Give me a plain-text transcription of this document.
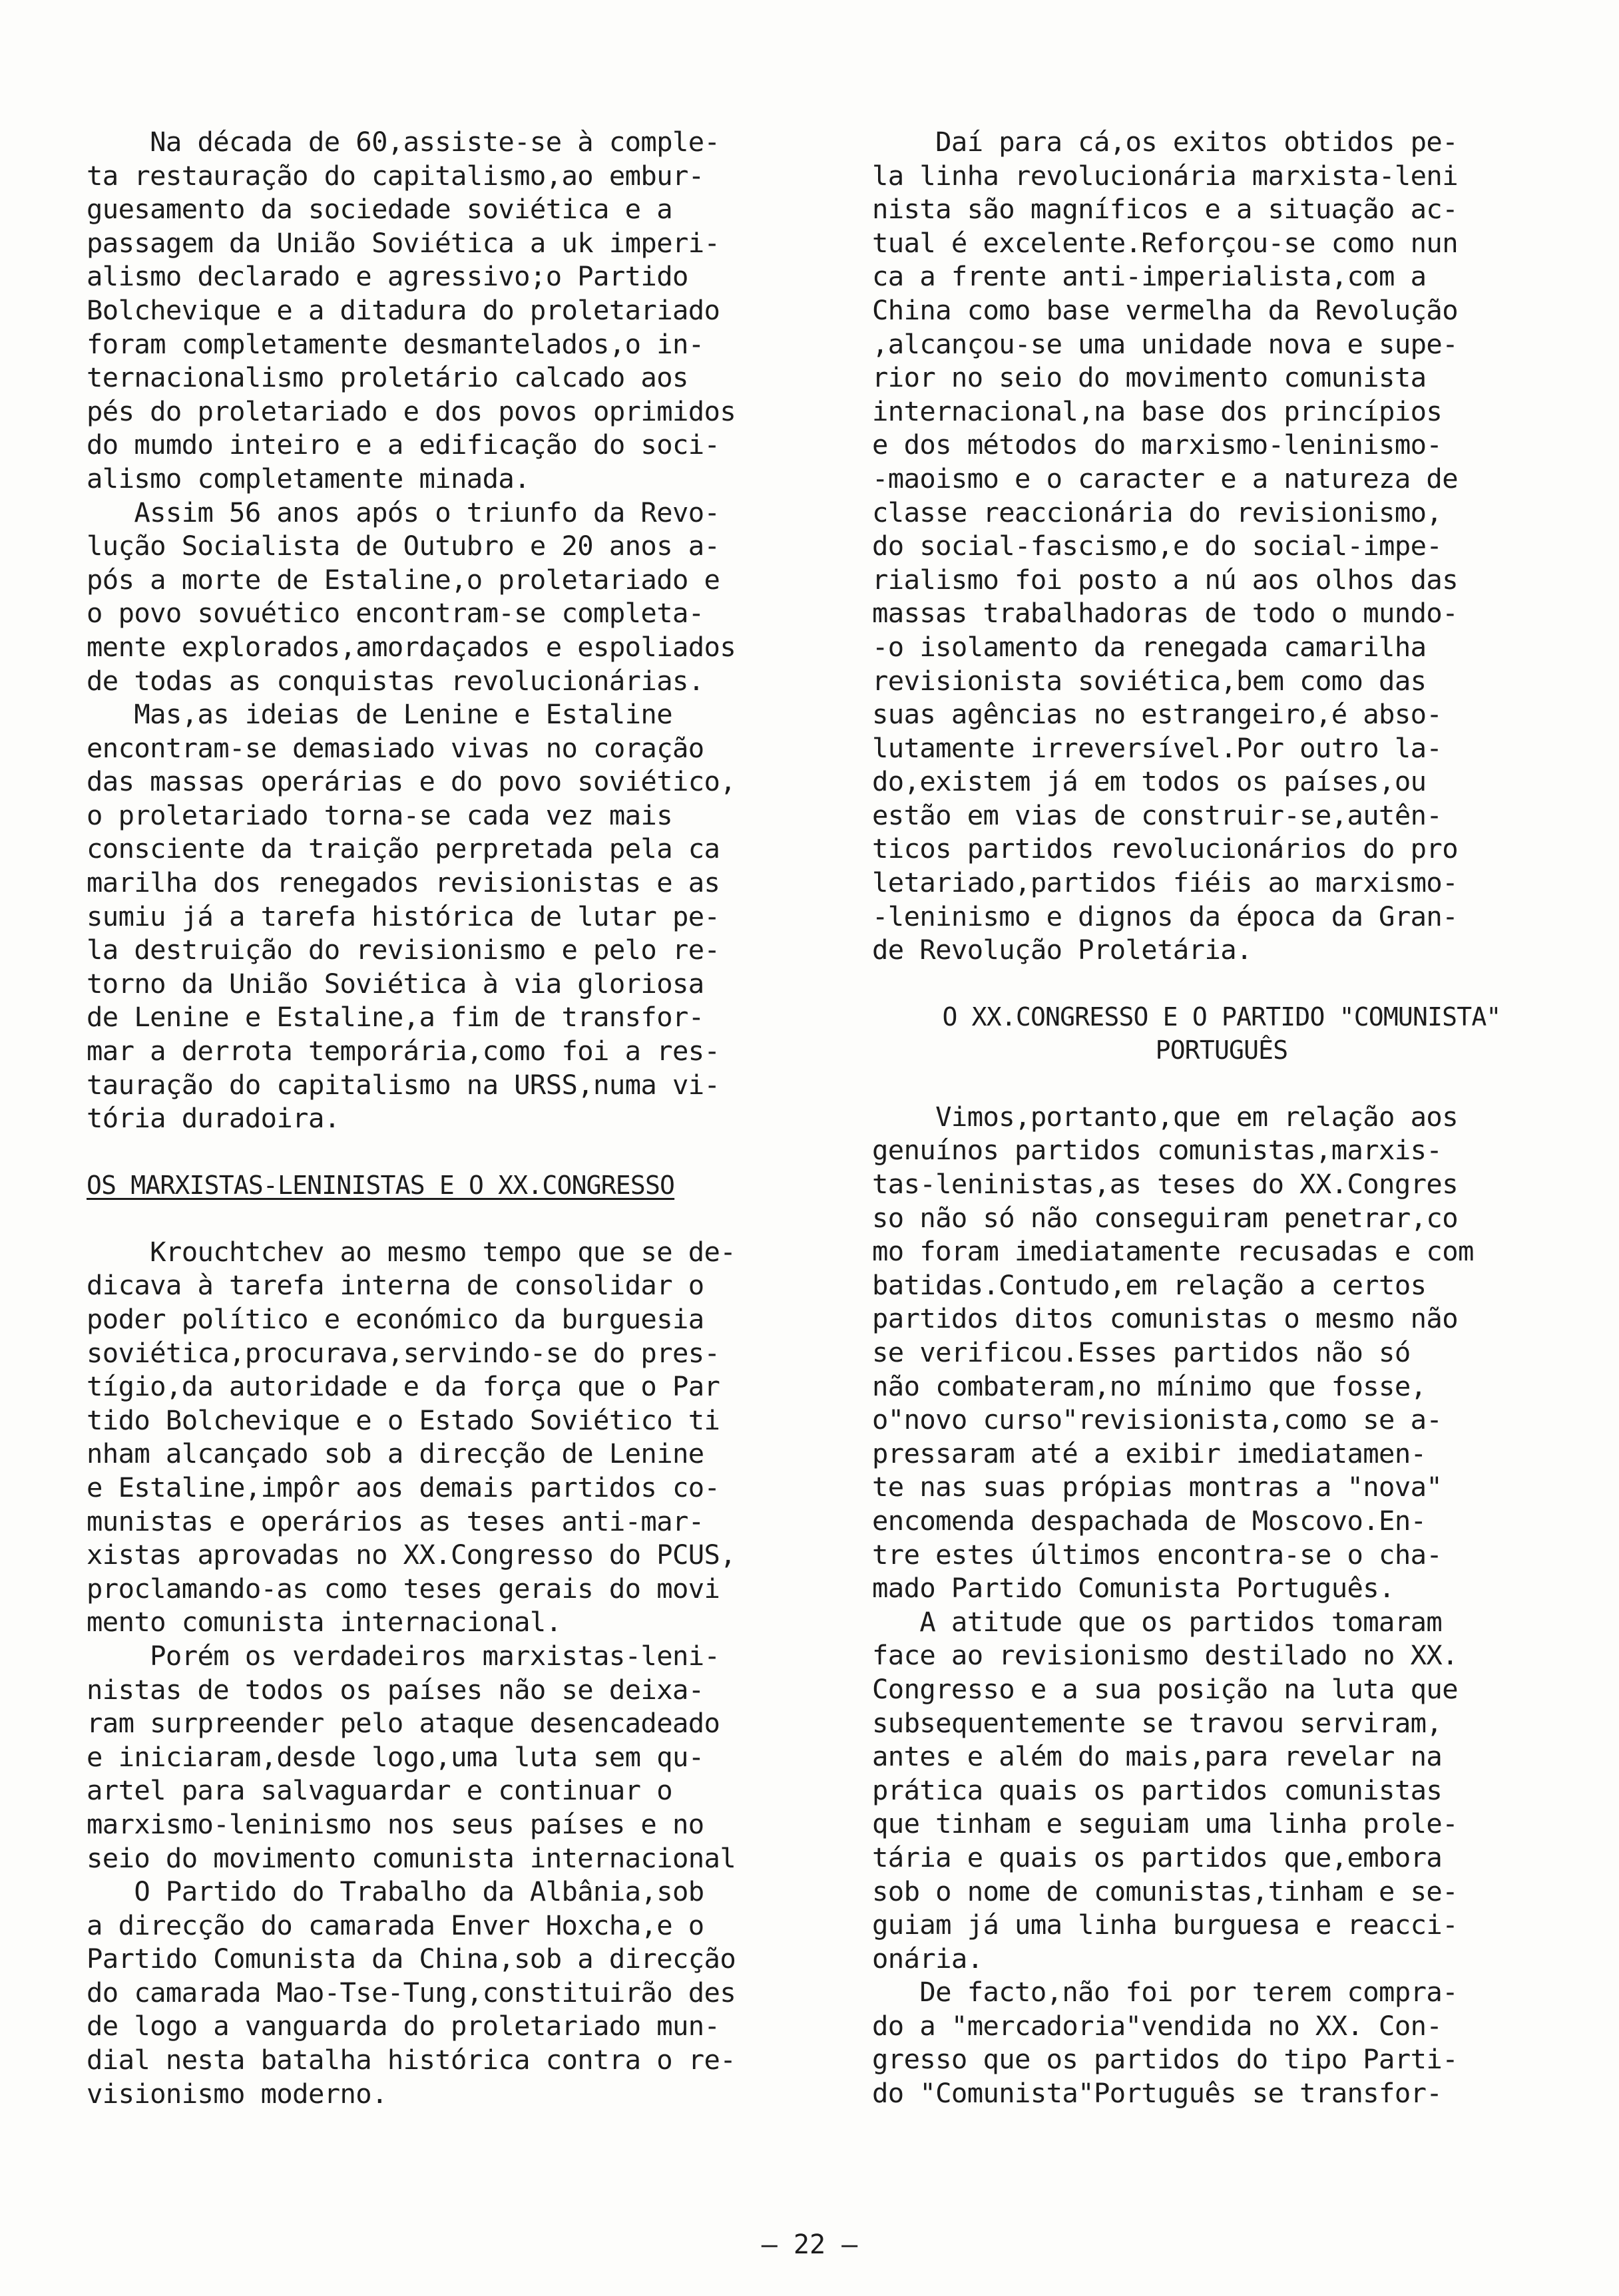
Na década de 60,assiste-se à comple-
ta restauração do capitalismo,ao embur-
guesamento da sociedade soviética e a
passagem da União Soviética a uk imperi-
alismo declarado e agressivo;o Partido
Bolchevique e a ditadura do proletariado
foram completamente desmantelados,o in-
ternacionalismo proletário calcado aos
pés do proletariado e dos povos oprimidos
do mumdo inteiro e a edificação do soci-
alismo completamente minada.
Assim 56 anos após o triunfo da Revo-
lução Socialista de Outubro e 20 anos a-
pós a morte de Estaline,o proletariado e
o povo sovuético encontram-se completa-
mente explorados,amordaçados e espoliados
de todas as conquistas revolucionárias.
Mas,as ideias de Lenine e Estaline
encontram-se demasiado vivas no coração
das massas operárias e do povo soviético,
o proletariado torna-se cada vez mais
consciente da traição perpretada pela ca
marilha dos renegados revisionistas e as
sumiu já a tarefa histórica de lutar pe-
la destruição do revisionismo e pelo re-
torno da União Soviética à via gloriosa
de Lenine e Estaline,a fim de transfor-
mar a derrota temporária,como foi a res-
tauração do capitalismo na URSS,numa vi-
tória duradoira.
OS MARXISTAS-LENINISTAS E O XX.CONGRESSO
Krouchtchev ao mesmo tempo que se de-
dicava à tarefa interna de consolidar o
poder político e económico da burguesia
soviética,procurava,servindo-se do pres-
tígio,da autoridade e da força que o Par
tido Bolchevique e o Estado Soviético ti
nham alcançado sob a direcção de Lenine
e Estaline,impôr aos demais partidos co-
munistas e operários as teses anti-mar-
xistas aprovadas no XX.Congresso do PCUS,
proclamando-as como teses gerais do movi
mento comunista internacional.
Porém os verdadeiros marxistas-leni-
nistas de todos os países não se deixa-
ram surpreender pelo ataque desencadeado
e iniciaram,desde logo,uma luta sem qu-
artel para salvaguardar e continuar o
marxismo-leninismo nos seus países e no
seio do movimento comunista internacional
O Partido do Trabalho da Albânia,sob
a direcção do camarada Enver Hoxcha,e o
Partido Comunista da China,sob a direcção
do camarada Mao-Tse-Tung,constituirão des
de logo a vanguarda do proletariado mun-
dial nesta batalha histórica contra o re-
visionismo moderno.
Daí para cá,os exitos obtidos pe-
la linha revolucionária marxista-leni
nista são magníficos e a situação ac-
tual é excelente.Reforçou-se como nun
ca a frente anti-imperialista,com a
China como base vermelha da Revolução
,alcançou-se uma unidade nova e supe-
rior no seio do movimento comunista
internacional,na base dos princípios
e dos métodos do marxismo-leninismo-
-maoismo e o caracter e a natureza de
classe reaccionária do revisionismo,
do social-fascismo,e do social-impe-
rialismo foi posto a nú aos olhos das
massas trabalhadoras de todo o mundo-
-o isolamento da renegada camarilha
revisionista soviética,bem como das
suas agências no estrangeiro,é abso-
lutamente irreversível.Por outro la-
do,existem já em todos os países,ou
estão em vias de construir-se,autên-
ticos partidos revolucionários do pro
letariado,partidos fiéis ao marxismo-
-leninismo e dignos da época da Gran-
de Revolução Proletária.
O XX.CONGRESSO E O PARTIDO "COMUNISTA"
PORTUGUÊS
Vimos,portanto,que em relação aos
genuínos partidos comunistas,marxis-
tas-leninistas,as teses do XX.Congres
so não só não conseguiram penetrar,co
mo foram imediatamente recusadas e com
batidas.Contudo,em relação a certos
partidos ditos comunistas o mesmo não
se verificou.Esses partidos não só
não combateram,no mínimo que fosse,
o"novo curso"revisionista,como se a-
pressaram até a exibir imediatamen-
te nas suas própias montras a "nova"
encomenda despachada de Moscovo.En-
tre estes últimos encontra-se o cha-
mado Partido Comunista Português.
A atitude que os partidos tomaram
face ao revisionismo destilado no XX.
Congresso e a sua posição na luta que
subsequentemente se travou serviram,
antes e além do mais,para revelar na
prática quais os partidos comunistas
que tinham e seguiam uma linha prole-
tária e quais os partidos que,embora
sob o nome de comunistas,tinham e se-
guiam já uma linha burguesa e reacci-
onária.
De facto,não foi por terem compra-
do a "mercadoria"vendida no XX. Con-
gresso que os partidos do tipo Parti-
do "Comunista"Português se transfor-
— 22 —
